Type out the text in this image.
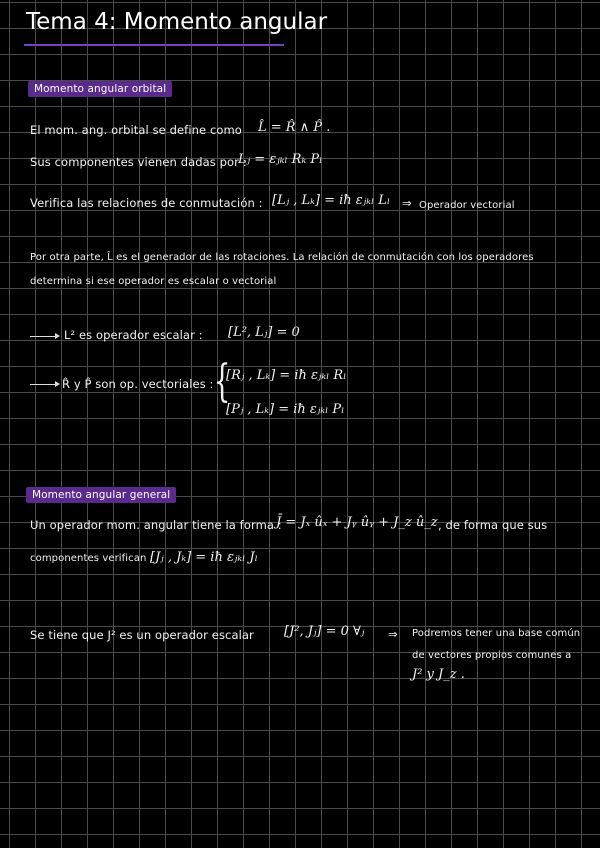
Tema 4: Momento angular
Momento angular orbital
El mom. ang. orbital se define como L̂ = R̂ ∧ P̂ .
Sus componentes vienen dadas por :
Lⱼ = εⱼₖₗ Rₖ Pₗ
Verifica las relaciones de conmutación : [Lⱼ , Lₖ] = iħ εⱼₖₗ Lₗ ⇒ Operador vectorial
Por otra parte, L̂ es el generador de las rotaciones. La relación de conmutación con los operadores
determina si ese operador es escalar o vectorial
L² es operador escalar : [L², Lⱼ] = 0
R̂ y P̂ son op. vectoriales : {
[Rⱼ , Lₖ] = iħ εⱼₖₗ Rₗ
[Pⱼ , Lₖ] = iħ εⱼₖₗ Pₗ
Momento angular general
Un operador mom. angular tiene la forma :
J̄ = Jₓ ûₓ + Jᵧ ûᵧ + J_z û_z , de forma que sus
componentes verifican :
[Jⱼ , Jₖ] = iħ εⱼₖₗ Jₗ
Se tiene que J² es un operador escalar [J², Jⱼ] = 0 ∀ⱼ ⇒ Podremos tener una base común
de vectores propios comunes a
J² y J_z .
